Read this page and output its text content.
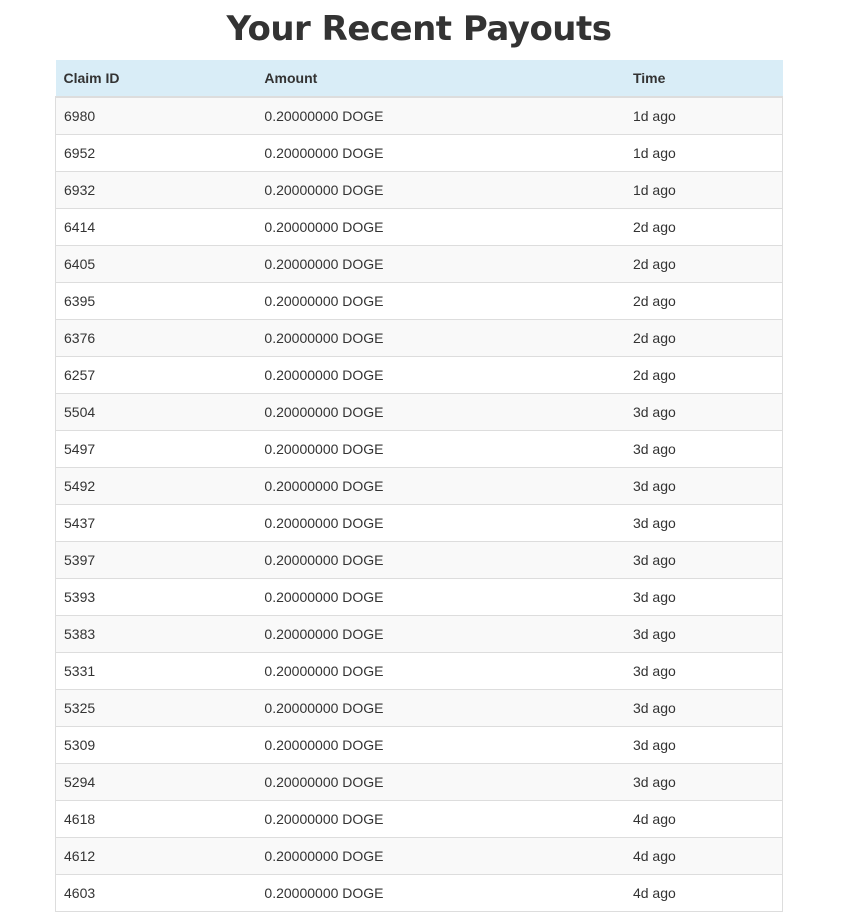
Your Recent Payouts
Claim ID	Amount	Time
6980	0.20000000 DOGE	1d ago
6952	0.20000000 DOGE	1d ago
6932	0.20000000 DOGE	1d ago
6414	0.20000000 DOGE	2d ago
6405	0.20000000 DOGE	2d ago
6395	0.20000000 DOGE	2d ago
6376	0.20000000 DOGE	2d ago
6257	0.20000000 DOGE	2d ago
5504	0.20000000 DOGE	3d ago
5497	0.20000000 DOGE	3d ago
5492	0.20000000 DOGE	3d ago
5437	0.20000000 DOGE	3d ago
5397	0.20000000 DOGE	3d ago
5393	0.20000000 DOGE	3d ago
5383	0.20000000 DOGE	3d ago
5331	0.20000000 DOGE	3d ago
5325	0.20000000 DOGE	3d ago
5309	0.20000000 DOGE	3d ago
5294	0.20000000 DOGE	3d ago
4618	0.20000000 DOGE	4d ago
4612	0.20000000 DOGE	4d ago
4603	0.20000000 DOGE	4d ago
